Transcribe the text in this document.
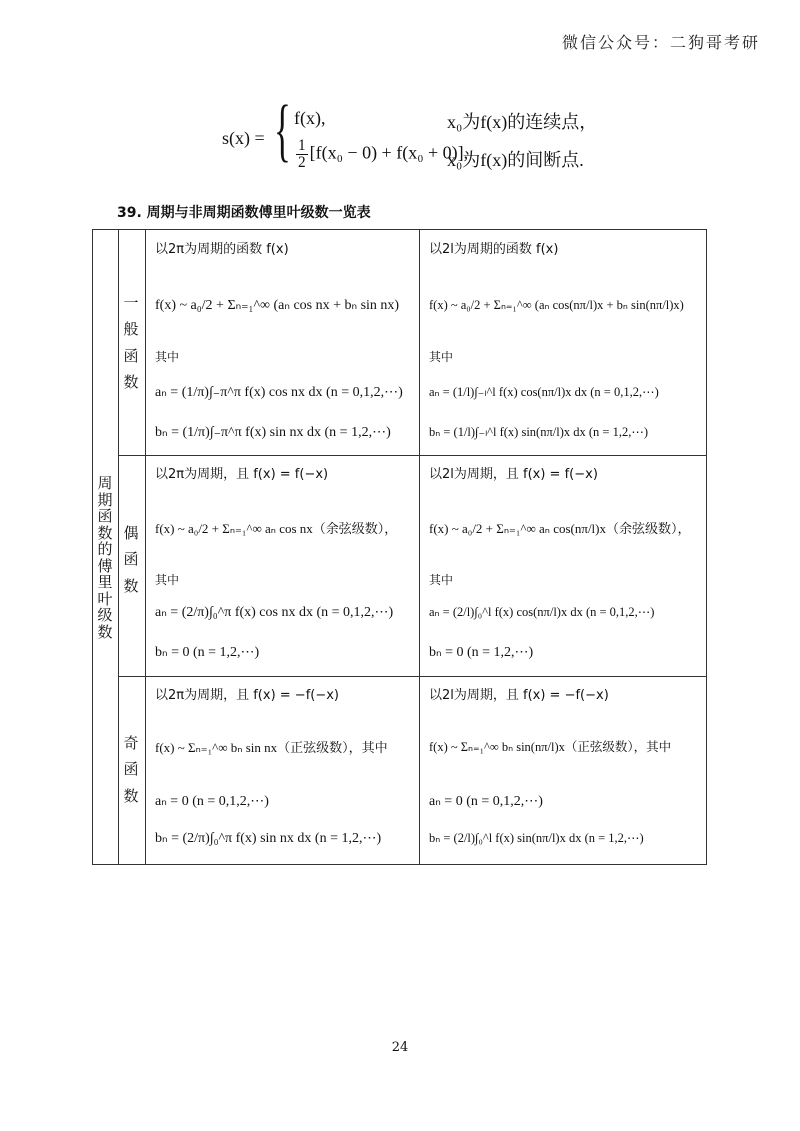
微信公众号：二狗哥考研
s(x) = { f(x),
$\frac{1}{2} [f(x_0 - 0) + f(x_0 + 0)]$,
x₀为f(x)的连续点，
x₀为f(x)的间断点.
39. 周期与非周期函数傅里叶级数一览表
周期函数的傅里叶级数
一般函数
以2π为周期的函数 f(x)
f(x) ~ a₀/2 + Σₙ₌₁^∞ (aₙ cos nx + bₙ sin nx)
其中
aₙ = (1/π)∫₋π^π f(x) cos nx dx (n = 0,1,2,⋯)
bₙ = (1/π)∫₋π^π f(x) sin nx dx (n = 1,2,⋯)
以2l为周期的函数 f(x)
f(x) ~ a₀/2 + Σₙ₌₁^∞ (aₙ cos(nπ/l)x + bₙ sin(nπ/l)x)
其中
aₙ = (1/l)∫₋ₗ^l f(x) cos(nπ/l)x dx (n = 0,1,2,⋯)
bₙ = (1/l)∫₋ₗ^l f(x) sin(nπ/l)x dx (n = 1,2,⋯)
偶函数
以2π为周期，且 f(x) = f(−x)
f(x) ~ a₀/2 + Σₙ₌₁^∞ aₙ cos nx（余弦级数），
其中
aₙ = (2/π)∫₀^π f(x) cos nx dx (n = 0,1,2,⋯)
bₙ = 0 (n = 1,2,⋯)
以2l为周期，且 f(x) = f(−x)
f(x) ~ a₀/2 + Σₙ₌₁^∞ aₙ cos(nπ/l)x（余弦级数），
其中
aₙ = (2/l)∫₀^l f(x) cos(nπ/l)x dx (n = 0,1,2,⋯)
bₙ = 0 (n = 1,2,⋯)
奇函数
以2π为周期，且 f(x) = −f(−x)
f(x) ~ Σₙ₌₁^∞ bₙ sin nx（正弦级数），其中
aₙ = 0 (n = 0,1,2,⋯)
bₙ = (2/π)∫₀^π f(x) sin nx dx (n = 1,2,⋯)
以2l为周期，且 f(x) = −f(−x)
f(x) ~ Σₙ₌₁^∞ bₙ sin(nπ/l)x（正弦级数），其中
aₙ = 0 (n = 0,1,2,⋯)
bₙ = (2/l)∫₀^l f(x) sin(nπ/l)x dx (n = 1,2,⋯)
24
